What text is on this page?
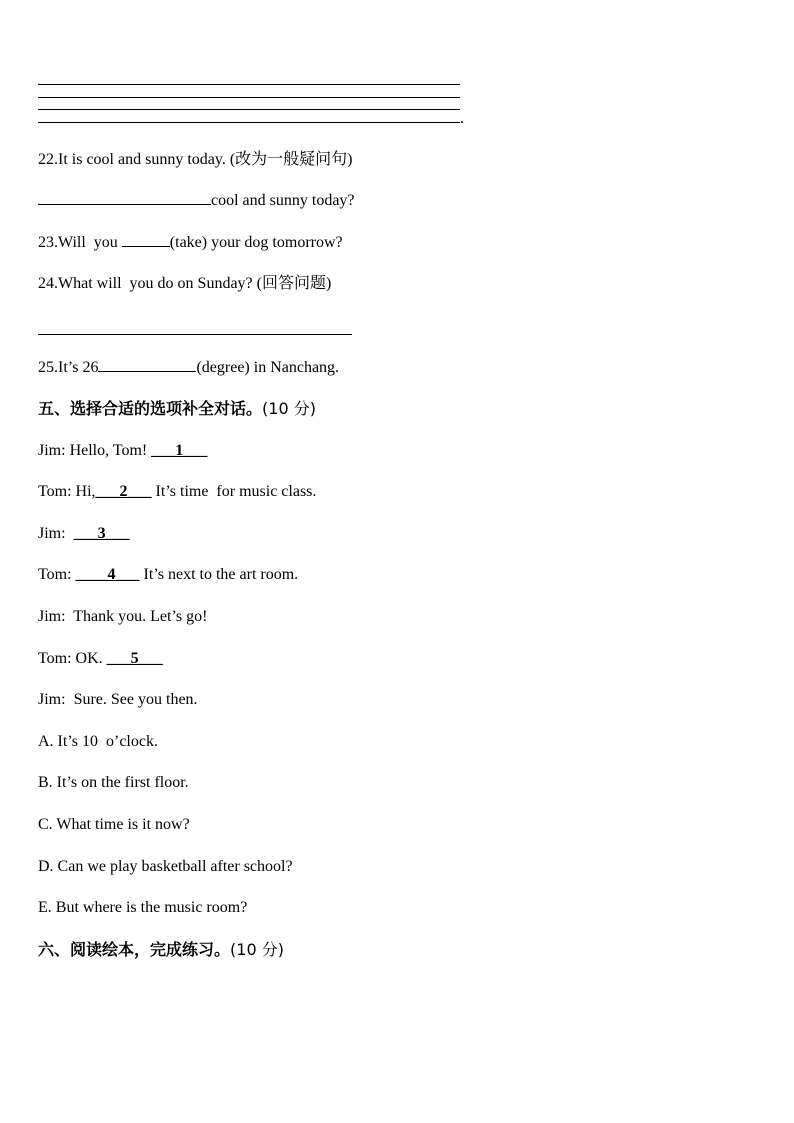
.
22.It is cool and sunny today. (改为一般疑问句)
cool and sunny today?
23.Will  you	(take) your dog tomorrow?
24.What will  you do on Sunday? (回答问题)
25.It’s 26	(degree) in Nanchang.
五、选择合适的选项补全对话。(10 分)
Jim: Hello, Tom! ___1___
Tom: Hi,___2___ It’s time  for music class.
Jim: ___3___
Tom: ____4___ It’s next to the art room.
Jim:  Thank you. Let’s go!
Tom: OK. ___5___
Jim:  Sure. See you then.
A. It’s 10  o’clock.
B. It’s on the first floor.
C. What time is it now?
D. Can we play basketball after school?
E. But where is the music room?
六、阅读绘本，完成练习。(10 分)
